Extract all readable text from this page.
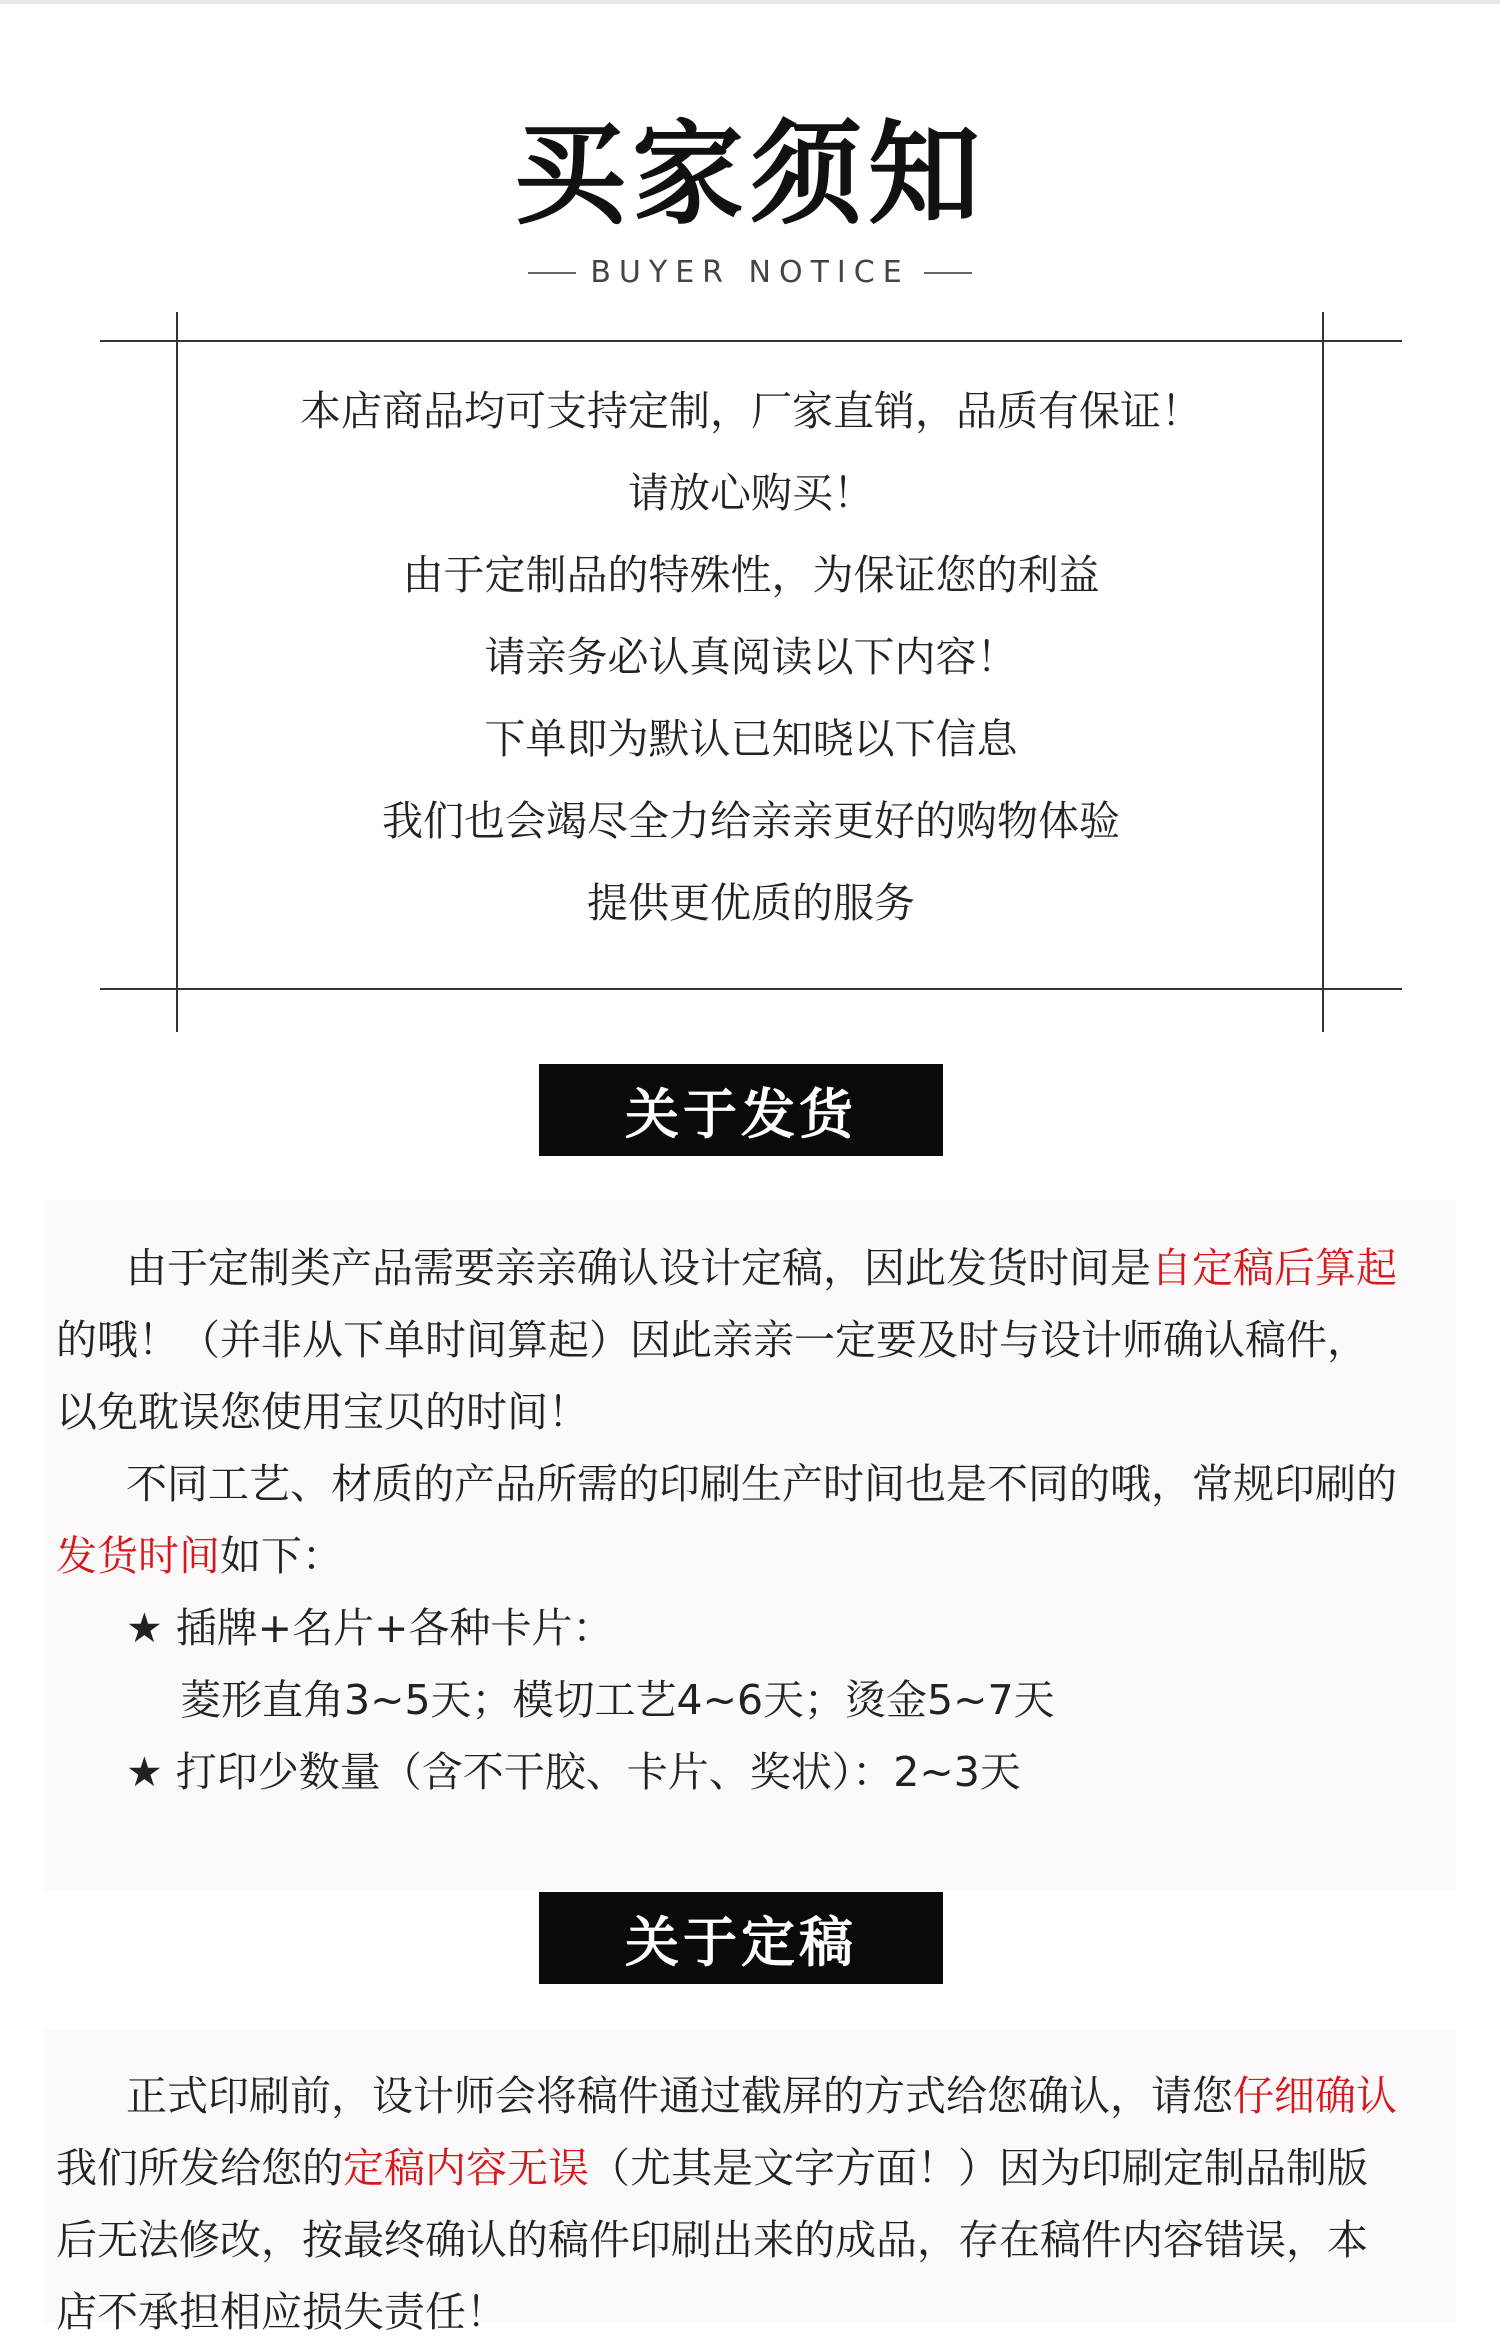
买家须知
BUYER NOTICE
本店商品均可支持定制，厂家直销，品质有保证！
请放心购买！
由于定制品的特殊性，为保证您的利益
请亲务必认真阅读以下内容！
下单即为默认已知晓以下信息
我们也会竭尽全力给亲亲更好的购物体验
提供更优质的服务
关于发货
由于定制类产品需要亲亲确认设计定稿，因此发货时间是自定稿后算起
的哦！（并非从下单时间算起）因此亲亲一定要及时与设计师确认稿件，
以免耽误您使用宝贝的时间！
不同工艺、材质的产品所需的印刷生产时间也是不同的哦，常规印刷的
发货时间如下：
★ 插牌+名片+各种卡片：
菱形直角3~5天；模切工艺4~6天；烫金5~7天
★ 打印少数量（含不干胶、卡片、奖状）：2~3天
关于定稿
正式印刷前，设计师会将稿件通过截屏的方式给您确认，请您仔细确认
我们所发给您的定稿内容无误（尤其是文字方面！）因为印刷定制品制版
后无法修改，按最终确认的稿件印刷出来的成品，存在稿件内容错误，本
店不承担相应损失责任！
